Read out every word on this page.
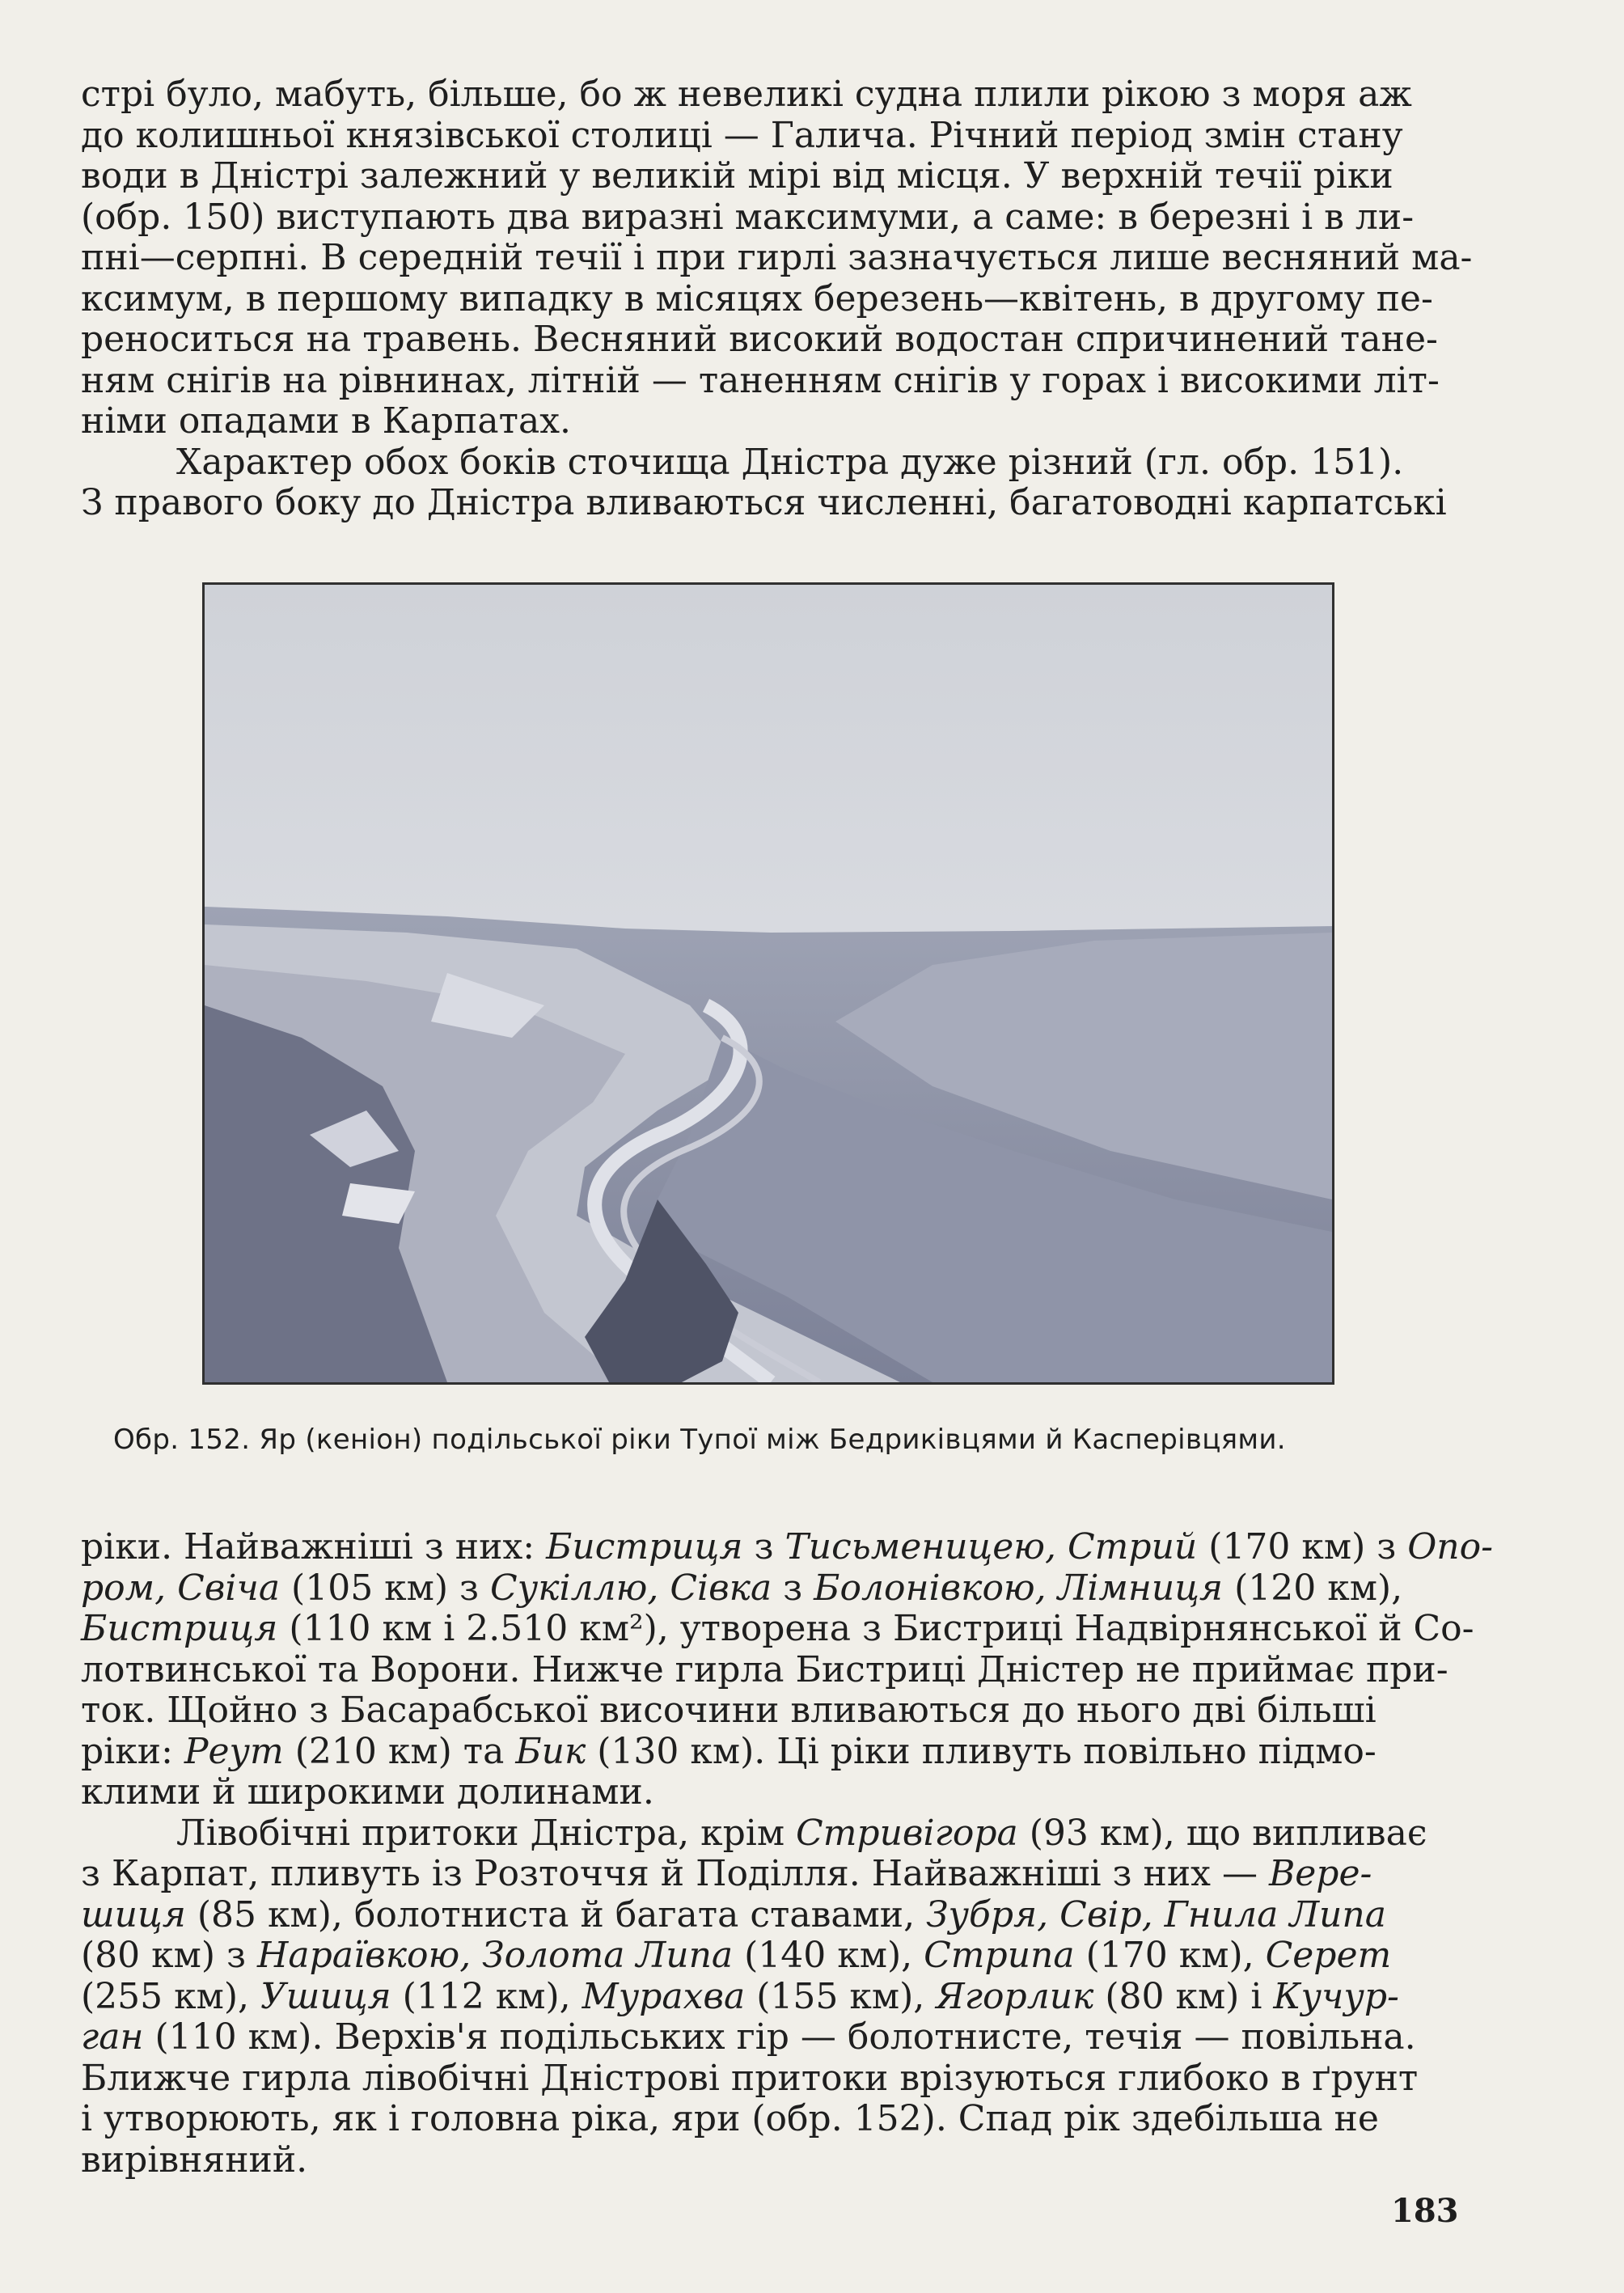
стрі було, мабуть, більше, бо ж невеликі судна плили рікою з моря аж
до колишньої князівської столиці — Галича. Річний період змін стану
води в Дністрі залежний у великій мірі від місця. У верхній течії ріки
(обр. 150) виступають два виразні максимуми, а саме: в березні і в ли-
пні—серпні. В середній течії і при гирлі зазначується лише весняний ма-
ксимум, в першому випадку в місяцях березень—квітень, в другому пе-
реноситься на травень. Весняний високий водостан спричинений тане-
ням снігів на рівнинах, літній — таненням снігів у горах і високими літ-
німи опадами в Карпатах.
Характер обох боків сточища Дністра дуже різний (гл. обр. 151).
З правого боку до Дністра вливаються численні, багатоводні карпатські
Обр. 152. Яр (кеніон) подільської ріки Тупої між Бедриківцями й Касперівцями.
ріки. Найважніші з них: Бистриця з Тисьменицею, Стрий (170 км) з Опо-
ром, Свіча (105 км) з Сукіллю, Сівка з Болонівкою, Лімниця (120 км),
Бистриця (110 км і 2.510 км²), утворена з Бистриці Надвірнянської й Со-
лотвинської та Ворони. Нижче гирла Бистриці Дністер не приймає при-
ток. Щойно з Басарабської височини вливаються до нього дві більші
ріки: Реут (210 км) та Бик (130 км). Ці ріки пливуть повільно підмо-
клими й широкими долинами.
Лівобічні притоки Дністра, крім Стривігора (93 км), що випливає
з Карпат, пливуть із Розточчя й Поділля. Найважніші з них — Вере-
шиця (85 км), болотниста й багата ставами, Зубря, Свір, Гнила Липа
(80 км) з Нараївкою, Золота Липа (140 км), Стрипа (170 км), Серет
(255 км), Ушиця (112 км), Мурахва (155 км), Ягорлик (80 км) і Кучур-
ган (110 км). Верхів'я подільських гір — болотнисте, течія — повільна.
Ближче гирла лівобічні Дністрові притоки врізуються глибоко в ґрунт
і утворюють, як і головна ріка, яри (обр. 152). Спад рік здебільша не
вирівняний.
183
